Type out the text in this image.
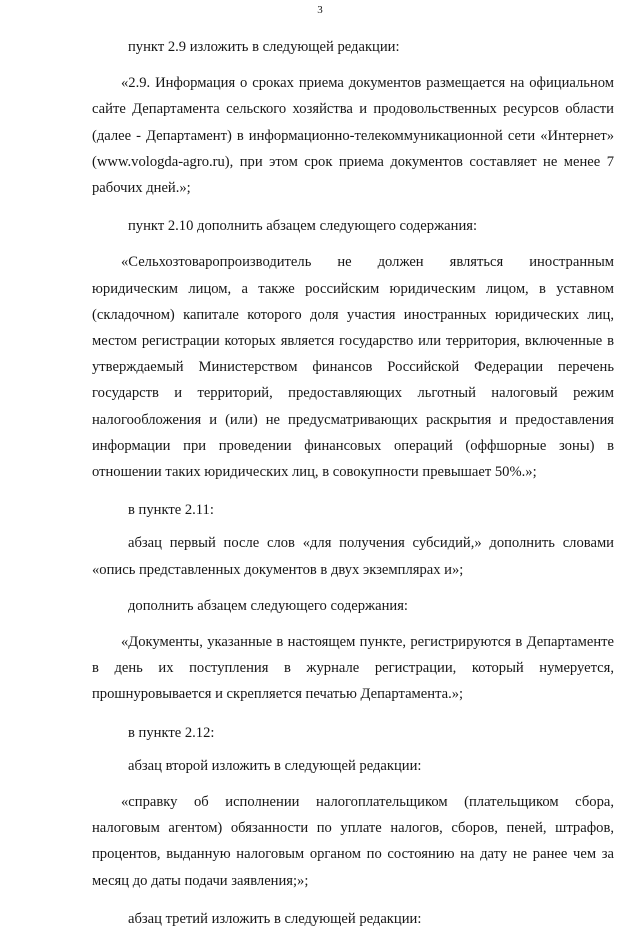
3

пункт 2.9 изложить в следующей редакции:

«2.9. Информация о сроках приема документов размещается на официальном сайте Департамента сельского хозяйства и продовольственных ресурсов области (далее - Департамент) в информационно-телекоммуникационной сети «Интернет» (www.vologda-agro.ru), при этом срок приема документов составляет не менее 7 рабочих дней.»;

пункт 2.10 дополнить абзацем следующего содержания:

«Сельхозтоваропроизводитель не должен являться иностранным юридическим лицом, а также российским юридическим лицом, в уставном (складочном) капитале которого доля участия иностранных юридических лиц, местом регистрации которых является государство или территория, включенные в утверждаемый Министерством финансов Российской Федерации перечень государств и территорий, предоставляющих льготный налоговый режим налогообложения и (или) не предусматривающих раскрытия и предоставления информации при проведении финансовых операций (оффшорные зоны) в отношении таких юридических лиц, в совокупности превышает 50%.»;

в пункте 2.11:

абзац первый после слов «для получения субсидий,» дополнить словами «опись представленных документов в двух экземплярах и»;

дополнить абзацем следующего содержания:

«Документы, указанные в настоящем пункте, регистрируются в Департаменте в день их поступления в журнале регистрации, который нумеруется, прошнуровывается и скрепляется печатью Департамента.»;

в пункте 2.12:

абзац второй изложить в следующей редакции:

«справку об исполнении налогоплательщиком (плательщиком сбора, налоговым агентом) обязанности по уплате налогов, сборов, пеней, штрафов, процентов, выданную налоговым органом по состоянию на дату не ранее чем за месяц до даты подачи заявления;»;

абзац третий изложить в следующей редакции:
